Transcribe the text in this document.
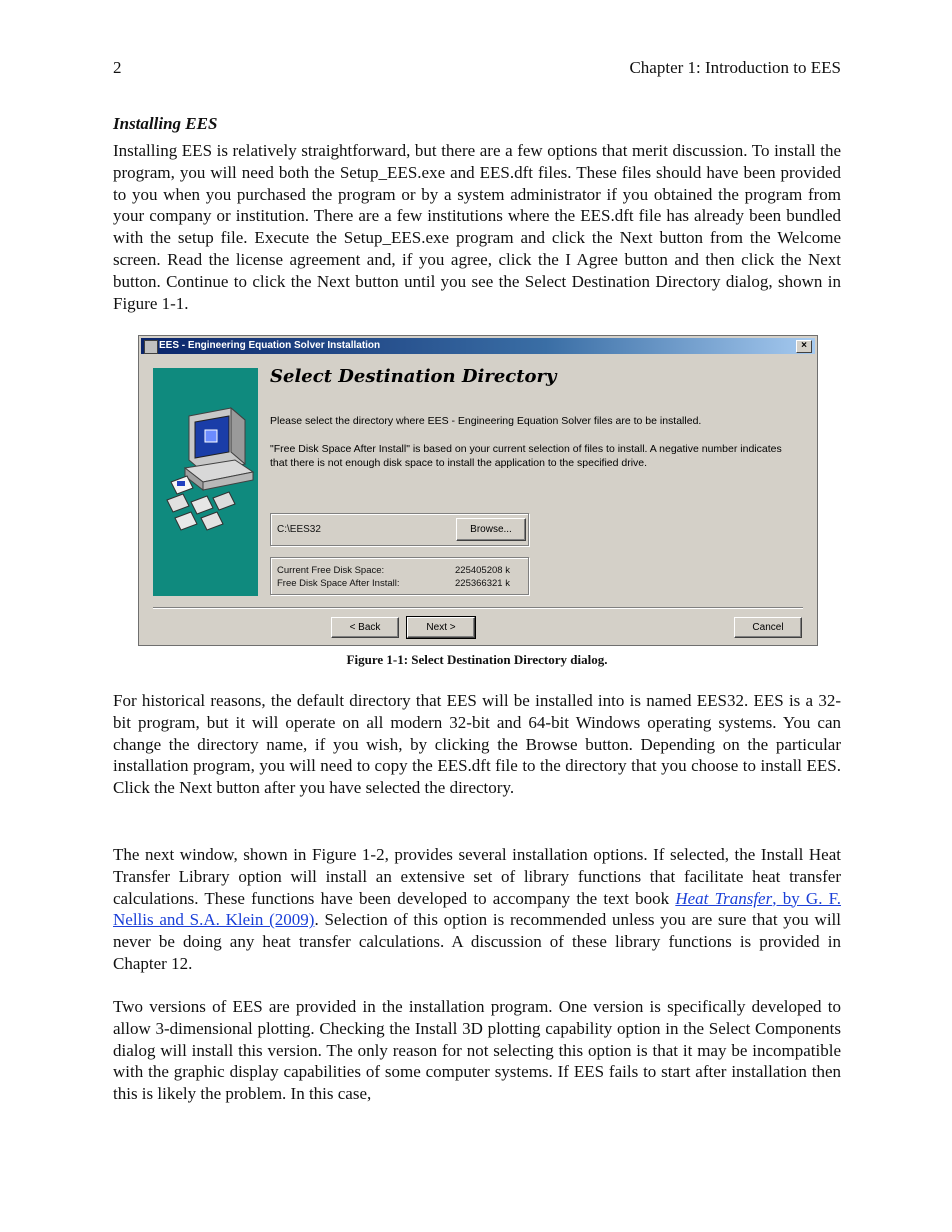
2	Chapter 1: Introduction to EES
Installing EES

Installing EES is relatively straightforward, but there are a few options that merit discussion. To install the program, you will need both the Setup_EES.exe and EES.dft files. These files should have been provided to you when you purchased the program or by a system administrator if you obtained the program from your company or institution. There are a few institutions where the EES.dft file has already been bundled with the setup file. Execute the Setup_EES.exe program and click the Next button from the Welcome screen. Read the license agreement and, if you agree, click the I Agree button and then click the Next button. Continue to click the Next button until you see the Select Destination Directory dialog, shown in Figure 1-1.

EES - Engineering Equation Solver Installation	×
Select Destination Directory
Please select the directory where EES - Engineering Equation Solver files are to be installed.
"Free Disk Space After Install" is based on your current selection of files to install. A negative number indicates that there is not enough disk space to install the application to the specified drive.
C:\EES32	Browse...
Current Free Disk Space:	225405208 k
Free Disk Space After Install:	225366321 k
< Back	Next >	Cancel
Figure 1-1: Select Destination Directory dialog.

For historical reasons, the default directory that EES will be installed into is named EES32. EES is a 32-bit program, but it will operate on all modern 32-bit and 64-bit Windows operating systems. You can change the directory name, if you wish, by clicking the Browse button. Depending on the particular installation program, you will need to copy the EES.dft file to the directory that you choose to install EES. Click the Next button after you have selected the directory.

The next window, shown in Figure 1-2, provides several installation options. If selected, the Install Heat Transfer Library option will install an extensive set of library functions that facilitate heat transfer calculations. These functions have been developed to accompany the text book Heat Transfer, by G. F. Nellis and S.A. Klein (2009). Selection of this option is recommended unless you are sure that you will never be doing any heat transfer calculations. A discussion of these library functions is provided in Chapter 12.

Two versions of EES are provided in the installation program. One version is specifically developed to allow 3-dimensional plotting. Checking the Install 3D plotting capability option in the Select Components dialog will install this version. The only reason for not selecting this option is that it may be incompatible with the graphic display capabilities of some computer systems. If EES fails to start after installation then this is likely the problem. In this case,
